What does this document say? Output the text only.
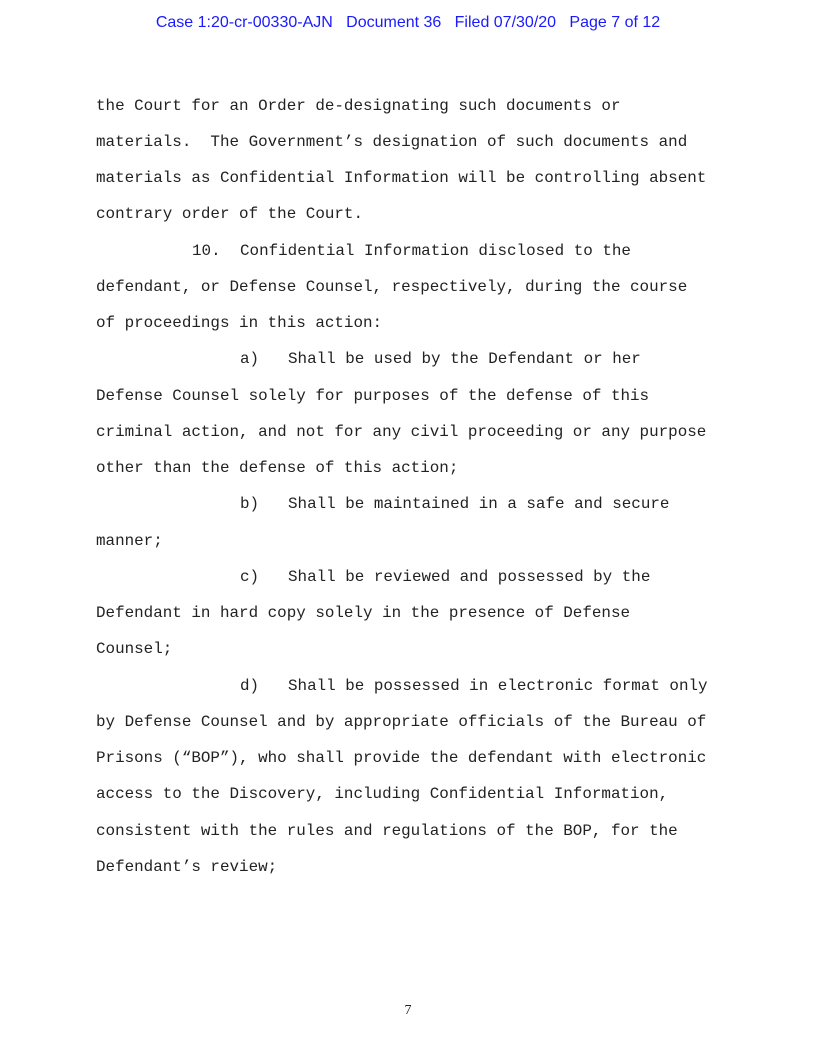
Case 1:20-cr-00330-AJN Document 36 Filed 07/30/20 Page 7 of 12
the Court for an Order de-designating such documents or
materials.  The Government’s designation of such documents and
materials as Confidential Information will be controlling absent
contrary order of the Court.
10. Confidential Information disclosed to the
defendant, or Defense Counsel, respectively, during the course
of proceedings in this action:
a) Shall be used by the Defendant or her
Defense Counsel solely for purposes of the defense of this
criminal action, and not for any civil proceeding or any purpose
other than the defense of this action;
b) Shall be maintained in a safe and secure
manner;
c) Shall be reviewed and possessed by the
Defendant in hard copy solely in the presence of Defense
Counsel;
d) Shall be possessed in electronic format only
by Defense Counsel and by appropriate officials of the Bureau of
Prisons (“BOP”), who shall provide the defendant with electronic
access to the Discovery, including Confidential Information,
consistent with the rules and regulations of the BOP, for the
Defendant’s review;
7
